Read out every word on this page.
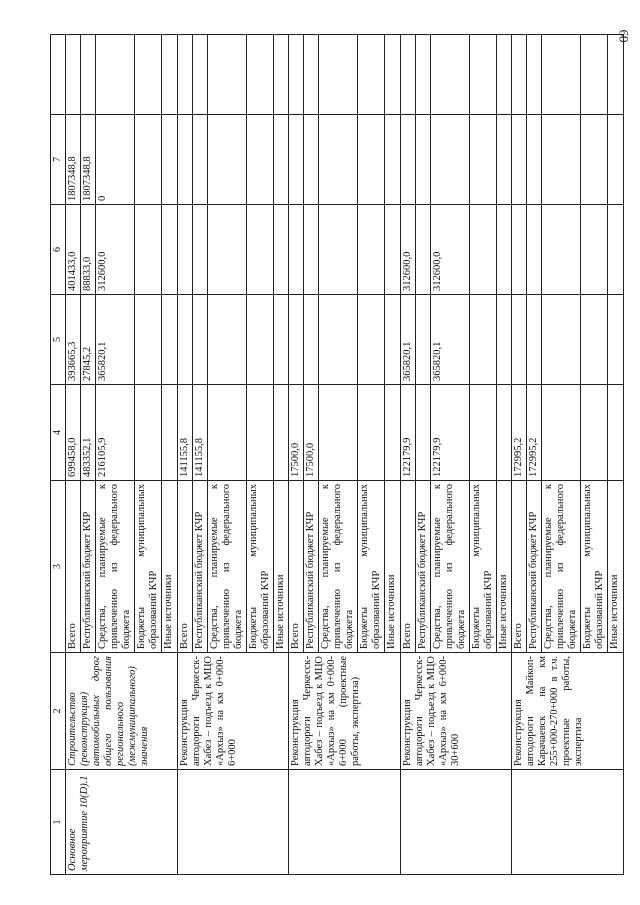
60
1	2	3	4	5	6	7	
Основное мероприятие 10(D).1	Строительство (реконструкция) автомобильных дорог общего пользования регионального (межмуниципального) значения	Всего	699458,0	393665,3	401433,0	1807348,8	
		Республиканский бюджет КЧР	483352,1	27845,2	88833,0	1807348,8	
		Средства, планируемые к привлечению из федерального бюджета	216105,9	365820,1	312600,0	0	
		Бюджеты муниципальных образований КЧР					
		Иные источники					
	Реконструкция автодороги Черкесск-Хабез – подъезд к МЦО «Архыз» на км 0+000-6+000	Всего	141155,8				
		Республиканский бюджет КЧР	141155,8				
		Средства, планируемые к привлечению из федерального бюджета					
		Бюджеты муниципальных образований КЧР					
		Иные источники					
	Реконструкция автодороги Черкесск-Хабез – подъезд к МЦО «Архыз» на км 0+000-6+000 (проектные работы, экспертиза)	Всего	17500,0				
		Республиканский бюджет КЧР	17500,0				
		Средства, планируемые к привлечению из федерального бюджета					
		Бюджеты муниципальных образований КЧР					
		Иные источники					
	Реконструкция автодороги Черкесск-Хабез – подъезд к МЦО «Архыз» на км 6+000-30+600	Всего	122179,9	365820,1	312600,0		
		Республиканский бюджет КЧР					
		Средства, планируемые к привлечению из федерального бюджета	122179,9	365820,1	312600,0		
		Бюджеты муниципальных образований КЧР					
		Иные источники					
	Реконструкция автодороги Майкоп-Карачаевск на км 255+000-270+000 в т.ч. проектные работы, экспертиза	Всего	172995,2				
		Республиканский бюджет КЧР	172995,2				
		Средства, планируемые к привлечению из федерального бюджета					
		Бюджеты муниципальных образований КЧР					
		Иные источники					
